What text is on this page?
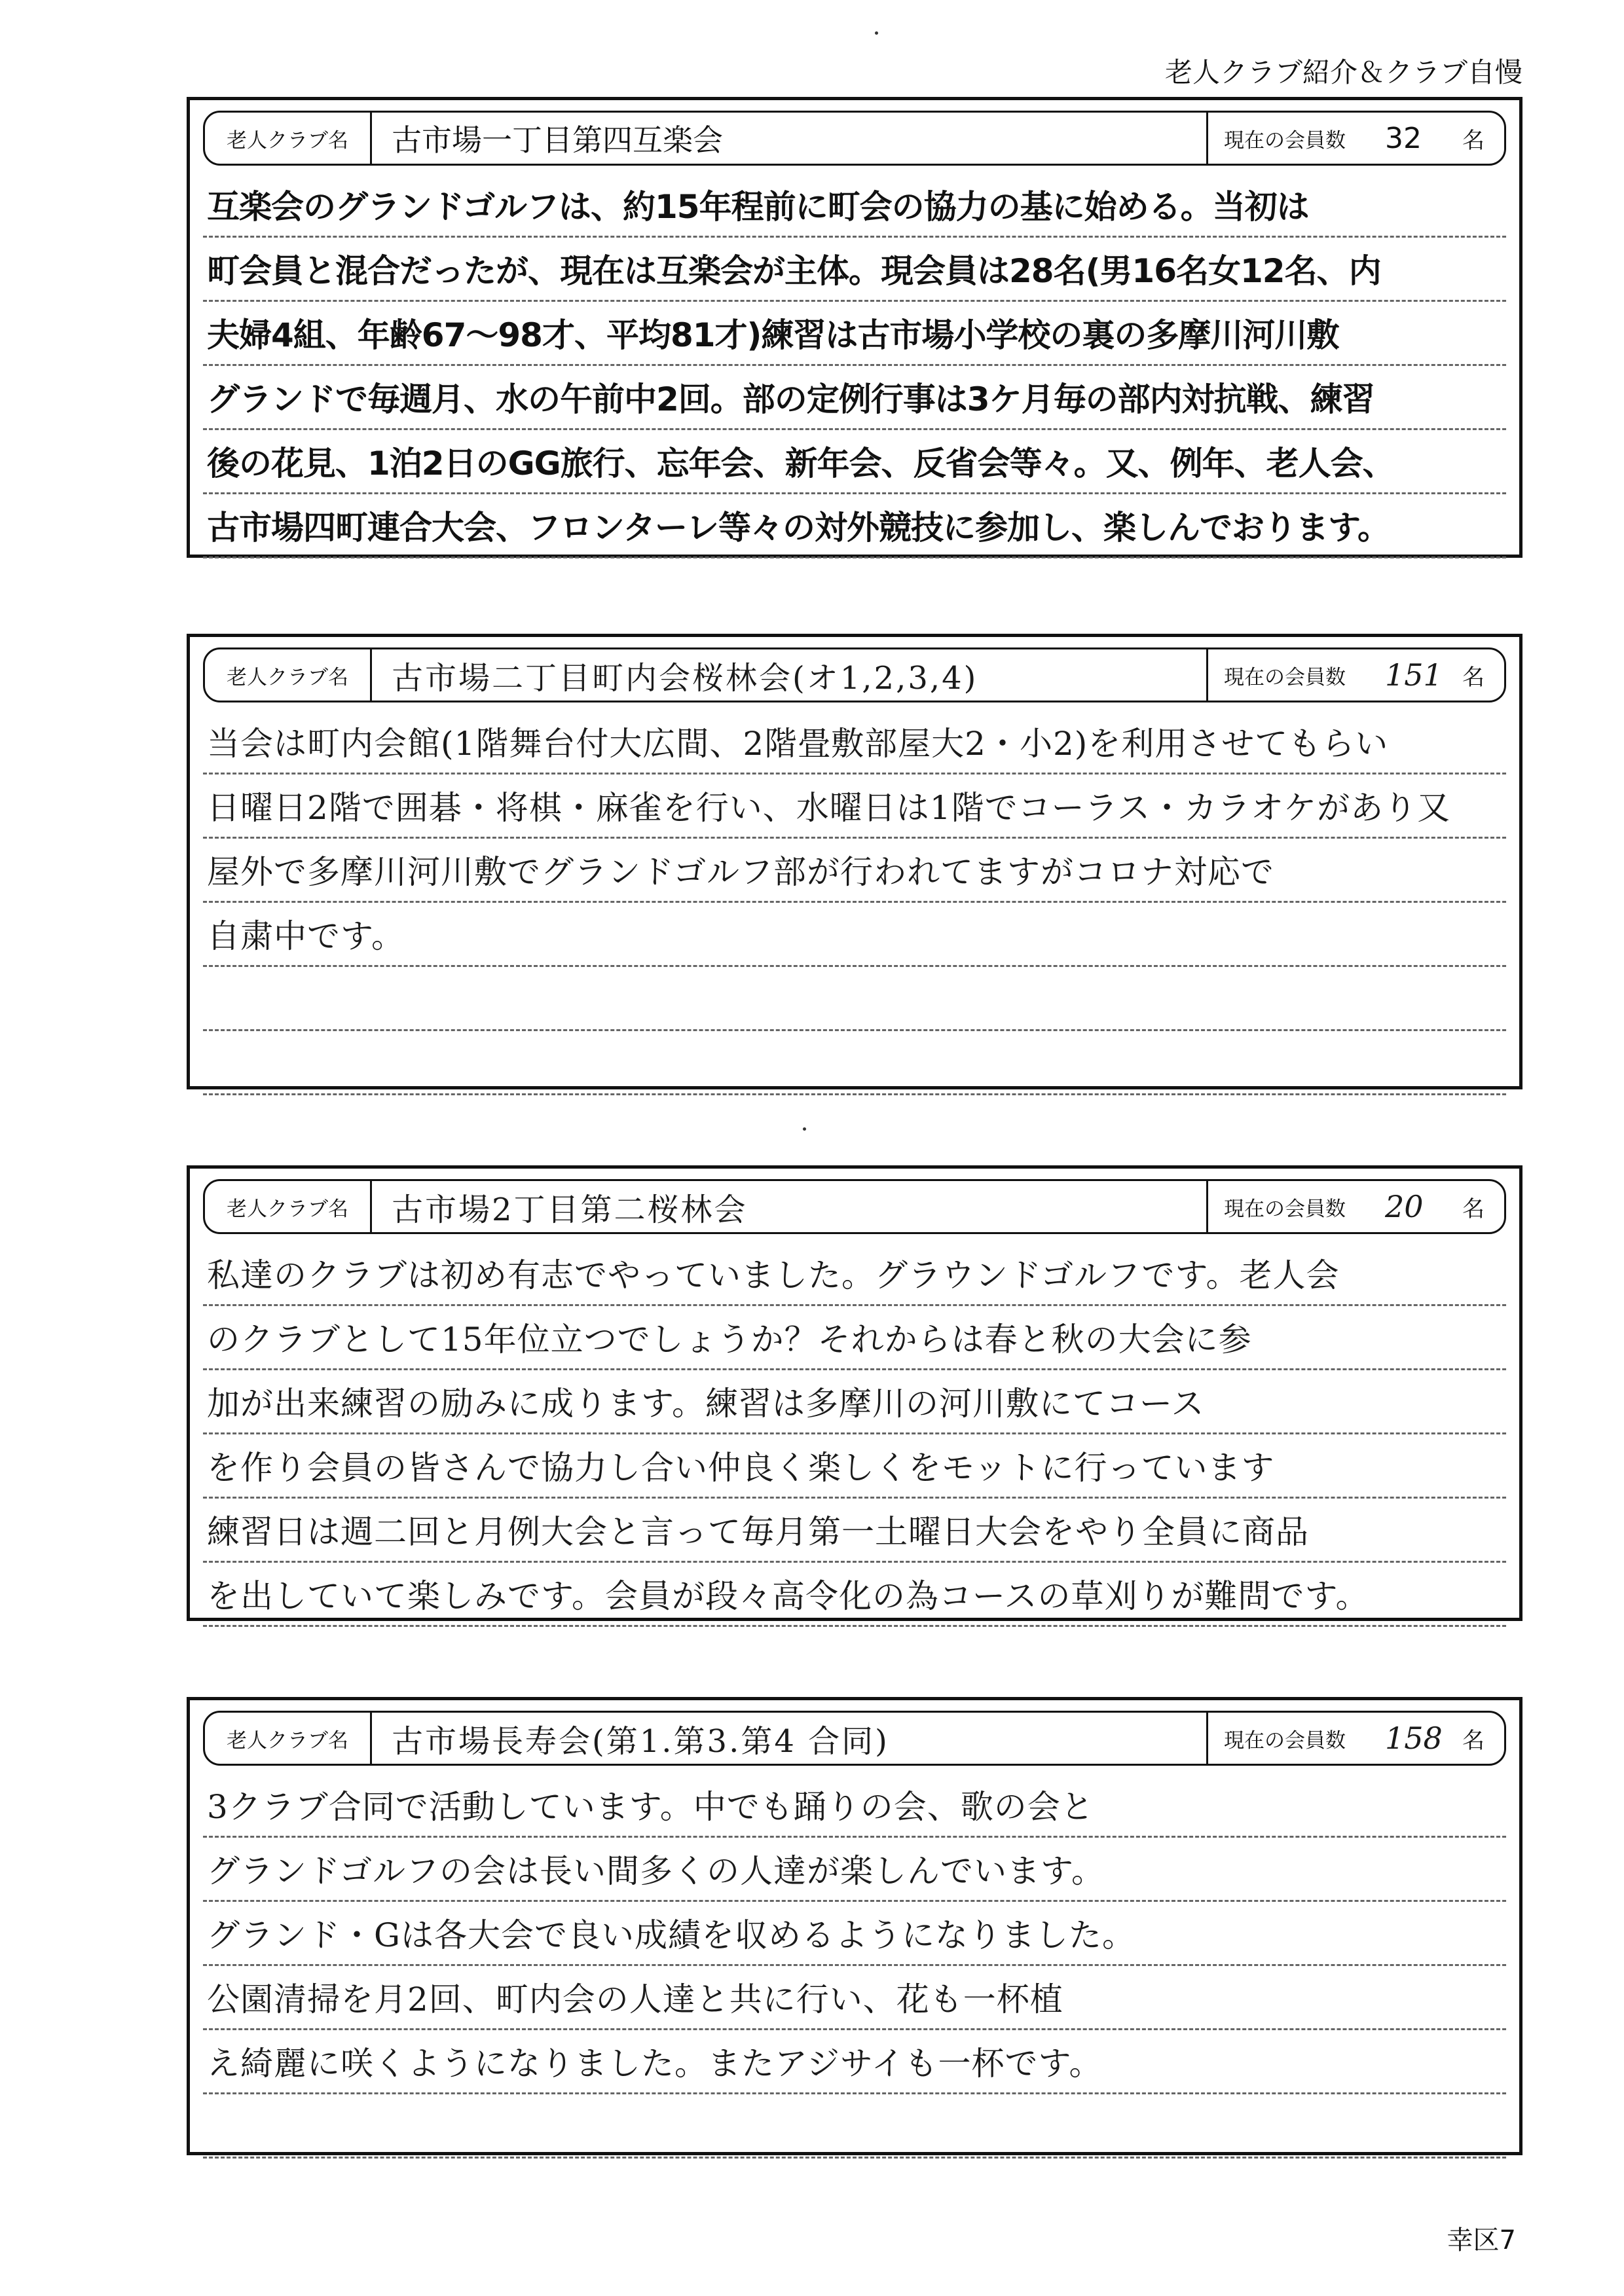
老人クラブ紹介＆クラブ自慢
老人クラブ名	古市場一丁目第四互楽会	現在の会員数 32 名
互楽会のグランドゴルフは、約15年程前に町会の協力の基に始める。当初は
町会員と混合だったが、現在は互楽会が主体。現会員は28名(男16名女12名、内
夫婦4組、年齢67～98才、平均81才)練習は古市場小学校の裏の多摩川河川敷
グランドで毎週月、水の午前中2回。部の定例行事は3ケ月毎の部内対抗戦、練習
後の花見、1泊2日のGG旅行、忘年会、新年会、反省会等々。又、例年、老人会、
古市場四町連合大会、フロンターレ等々の対外競技に参加し、楽しんでおります。
老人クラブ名	古市場二丁目町内会桜林会(オ1,2,3,4)	現在の会員数 151 名
当会は町内会館(1階舞台付大広間、2階畳敷部屋大2・小2)を利用させてもらい
日曜日2階で囲碁・将棋・麻雀を行い、水曜日は1階でコーラス・カラオケがあり又
屋外で多摩川河川敷でグランドゴルフ部が行われてますがコロナ対応で
自粛中です。
老人クラブ名	古市場2丁目第二桜林会	現在の会員数 20 名
私達のクラブは初め有志でやっていました。グラウンドゴルフです。老人会
のクラブとして15年位立つでしょうか？それからは春と秋の大会に参
加が出来練習の励みに成ります。練習は多摩川の河川敷にてコース
を作り会員の皆さんで協力し合い仲良く楽しくをモットに行っています
練習日は週二回と月例大会と言って毎月第一土曜日大会をやり全員に商品
を出していて楽しみです。会員が段々高令化の為コースの草刈りが難問です。
老人クラブ名	古市場長寿会(第1.第3.第4 合同)	現在の会員数 158 名
3クラブ合同で活動しています。中でも踊りの会、歌の会と
グランドゴルフの会は長い間多くの人達が楽しんでいます。
グランド・Gは各大会で良い成績を収めるようになりました。
公園清掃を月2回、町内会の人達と共に行い、花も一杯植
え綺麗に咲くようになりました。またアジサイも一杯です。
幸区7
